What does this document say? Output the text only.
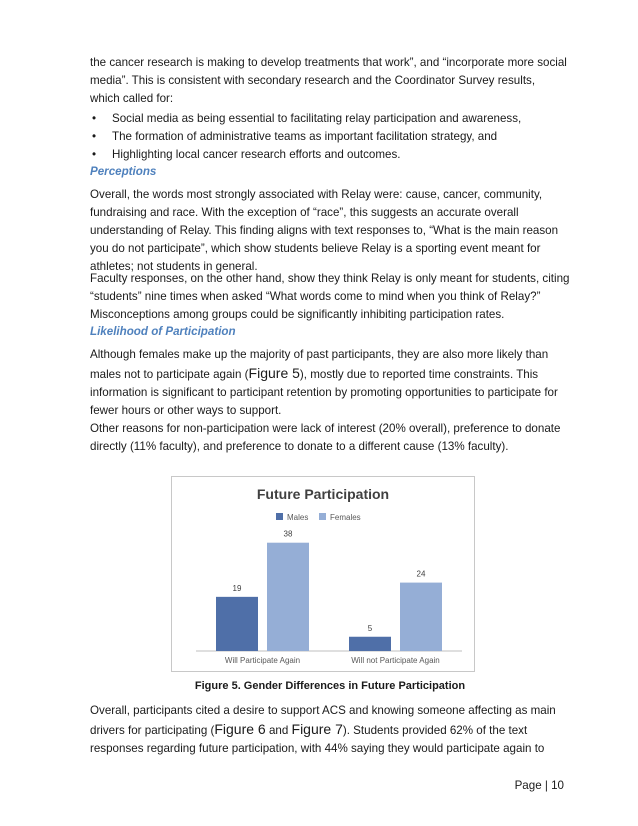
the cancer research is making to develop treatments that work”, and “incorporate more social
media”. This is consistent with secondary research and the Coordinator Survey results,
which called for:

• Social media as being essential to facilitating relay participation and awareness,
• The formation of administrative teams as important facilitation strategy, and
• Highlighting local cancer research efforts and outcomes.

Perceptions

Overall, the words most strongly associated with Relay were: cause, cancer, community, fundraising and race. With the exception of “race”, this suggests an accurate overall understanding of Relay. This finding aligns with text responses to, “What is the main reason you do not participate”, which show students believe Relay is a sporting event meant for athletes; not students in general.

Faculty responses, on the other hand, show they think Relay is only meant for students, citing “students” nine times when asked “What words come to mind when you think of Relay?” Misconceptions among groups could be significantly inhibiting participation rates.

Likelihood of Participation

Although females make up the majority of past participants, they are also more likely than males not to participate again (Figure 5), mostly due to reported time constraints. This information is significant to participant retention by promoting opportunities to participate for fewer hours or other ways to support.

Other reasons for non-participation were lack of interest (20% overall), preference to donate directly (11% faculty), and preference to donate to a different cause (13% faculty).

Future Participation
Males	Females
19
38
Will Participate Again
5
24
Will not Participate Again

Figure 5. Gender Differences in Future Participation

Overall, participants cited a desire to support ACS and knowing someone affecting as main drivers for participating (Figure 6 and Figure 7). Students provided 62% of the text responses regarding future participation, with 44% saying they would participate again to

Page | 10
